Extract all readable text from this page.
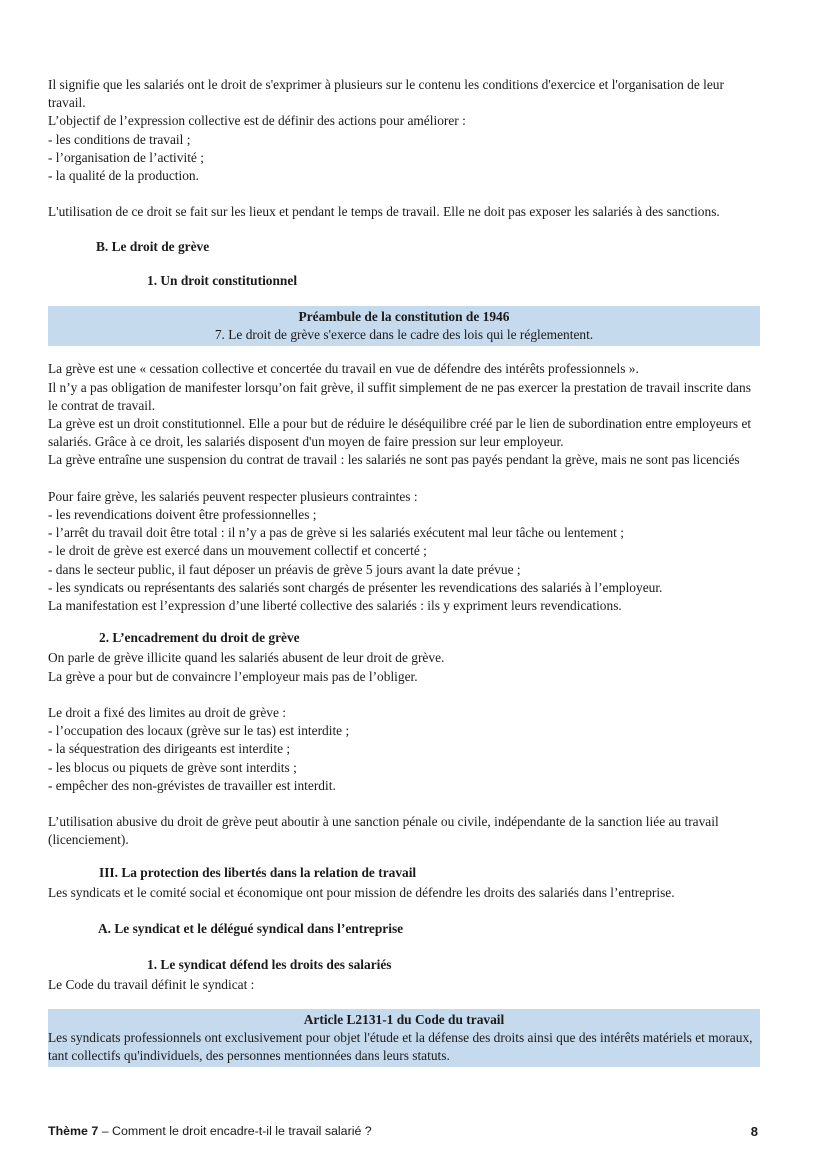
Il signifie que les salariés ont le droit de s'exprimer à plusieurs sur le contenu les conditions d'exercice et l'organisation de leur travail.

L’objectif de l’expression collective est de définir des actions pour améliorer :

- les conditions de travail ;

- l’organisation de l’activité ;

- la qualité de la production.

L'utilisation de ce droit se fait sur les lieux et pendant le temps de travail. Elle ne doit pas exposer les salariés à des sanctions.

B. Le droit de grève

1. Un droit constitutionnel

Préambule de la constitution de 1946

7. Le droit de grève s'exerce dans le cadre des lois qui le réglementent.

La grève est une « cessation collective et concertée du travail en vue de défendre des intérêts professionnels ».

Il n’y a pas obligation de manifester lorsqu’on fait grève, il suffit simplement de ne pas exercer la prestation de travail inscrite dans le contrat de travail.

La grève est un droit constitutionnel. Elle a pour but de réduire le déséquilibre créé par le lien de subordination entre employeurs et salariés. Grâce à ce droit, les salariés disposent d'un moyen de faire pression sur leur employeur.

La grève entraîne une suspension du contrat de travail : les salariés ne sont pas payés pendant la grève, mais ne sont pas licenciés

Pour faire grève, les salariés peuvent respecter plusieurs contraintes :

- les revendications doivent être professionnelles ;

- l’arrêt du travail doit être total : il n’y a pas de grève si les salariés exécutent mal leur tâche ou lentement ;

- le droit de grève est exercé dans un mouvement collectif et concerté ;

- dans le secteur public, il faut déposer un préavis de grève 5 jours avant la date prévue ;

- les syndicats ou représentants des salariés sont chargés de présenter les revendications des salariés à l’employeur.

La manifestation est l’expression d’une liberté collective des salariés : ils y expriment leurs revendications.

2. L’encadrement du droit de grève

On parle de grève illicite quand les salariés abusent de leur droit de grève.

La grève a pour but de convaincre l’employeur mais pas de l’obliger.

Le droit a fixé des limites au droit de grève :

- l’occupation des locaux (grève sur le tas) est interdite ;

- la séquestration des dirigeants est interdite ;

- les blocus ou piquets de grève sont interdits ;

- empêcher des non-grévistes de travailler est interdit.

L’utilisation abusive du droit de grève peut aboutir à une sanction pénale ou civile, indépendante de la sanction liée au travail (licenciement).

III. La protection des libertés dans la relation de travail

Les syndicats et le comité social et économique ont pour mission de défendre les droits des salariés dans l’entreprise.

A. Le syndicat et le délégué syndical dans l’entreprise

1. Le syndicat défend les droits des salariés

Le Code du travail définit le syndicat :

Article L2131-1 du Code du travail

Les syndicats professionnels ont exclusivement pour objet l'étude et la défense des droits ainsi que des intérêts matériels et moraux, tant collectifs qu'individuels, des personnes mentionnées dans leurs statuts.

Thème 7 – Comment le droit encadre-t-il le travail salarié ?	8
